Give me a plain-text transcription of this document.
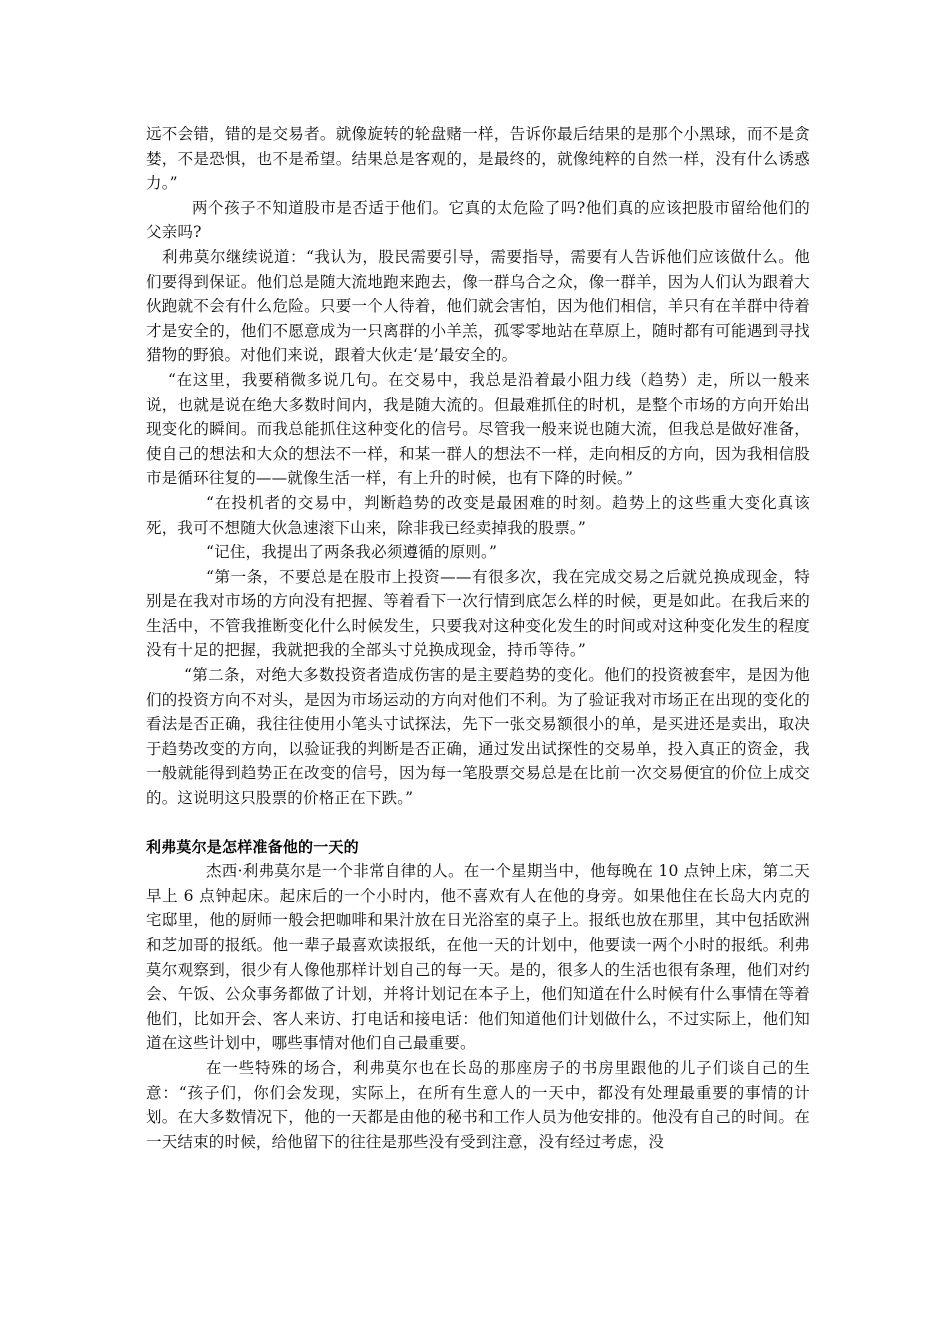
远不会错，错的是交易者。就像旋转的轮盘赌一样，告诉你最后结果的是那个小黑球，而不是贪婪，不是恐惧，也不是希望。结果总是客观的，是最终的，就像纯粹的自然一样，没有什么诱惑力。”

两个孩子不知道股市是否适于他们。它真的太危险了吗?他们真的应该把股市留给他们的父亲吗?

利弗莫尔继续说道：“我认为，股民需要引导，需要指导，需要有人告诉他们应该做什么。他们要得到保证。他们总是随大流地跑来跑去，像一群乌合之众，像一群羊，因为人们认为跟着大伙跑就不会有什么危险。只要一个人待着，他们就会害怕，因为他们相信，羊只有在羊群中待着才是安全的，他们不愿意成为一只离群的小羊羔，孤零零地站在草原上，随时都有可能遇到寻找猎物的野狼。对他们来说，跟着大伙走‘是’最安全的。

“在这里，我要稍微多说几句。在交易中，我总是沿着最小阻力线（趋势）走，所以一般来说，也就是说在绝大多数时间内，我是随大流的。但最难抓住的时机，是整个市场的方向开始出现变化的瞬间。而我总能抓住这种变化的信号。尽管我一般来说也随大流，但我总是做好准备，使自己的想法和大众的想法不一样，和某一群人的想法不一样，走向相反的方向，因为我相信股市是循环往复的——就像生活一样，有上升的时候，也有下降的时候。”

“在投机者的交易中，判断趋势的改变是最困难的时刻。趋势上的这些重大变化真该死，我可不想随大伙急速滚下山来，除非我已经卖掉我的股票。”

“记住，我提出了两条我必须遵循的原则。”

“第一条，不要总是在股市上投资——有很多次，我在完成交易之后就兑换成现金，特别是在我对市场的方向没有把握、等着看下一次行情到底怎么样的时候，更是如此。在我后来的生活中，不管我推断变化什么时候发生，只要我对这种变化发生的时间或对这种变化发生的程度没有十足的把握，我就把我的全部头寸兑换成现金，持币等待。”

“第二条，对绝大多数投资者造成伤害的是主要趋势的变化。他们的投资被套牢，是因为他们的投资方向不对头，是因为市场运动的方向对他们不利。为了验证我对市场正在出现的变化的看法是否正确，我往往使用小笔头寸试探法，先下一张交易额很小的单，是买进还是卖出，取决于趋势改变的方向，以验证我的判断是否正确，通过发出试探性的交易单，投入真正的资金，我一般就能得到趋势正在改变的信号，因为每一笔股票交易总是在比前一次交易便宜的价位上成交的。这说明这只股票的价格正在下跌。”

利弗莫尔是怎样准备他的一天的

杰西·利弗莫尔是一个非常自律的人。在一个星期当中，他每晚在 10 点钟上床，第二天早上 6 点钟起床。起床后的一个小时内，他不喜欢有人在他的身旁。如果他住在长岛大内克的宅邸里，他的厨师一般会把咖啡和果汁放在日光浴室的桌子上。报纸也放在那里，其中包括欧洲和芝加哥的报纸。他一辈子最喜欢读报纸，在他一天的计划中，他要读一两个小时的报纸。利弗莫尔观察到，很少有人像他那样计划自己的每一天。是的，很多人的生活也很有条理，他们对约会、午饭、公众事务都做了计划，并将计划记在本子上，他们知道在什么时候有什么事情在等着他们，比如开会、客人来访、打电话和接电话：他们知道他们计划做什么，不过实际上，他们知道在这些计划中，哪些事情对他们自己最重要。

在一些特殊的场合，利弗莫尔也在长岛的那座房子的书房里跟他的儿子们谈自己的生意：“孩子们，你们会发现，实际上，在所有生意人的一天中，都没有处理最重要的事情的计划。在大多数情况下，他的一天都是由他的秘书和工作人员为他安排的。他没有自己的时间。在一天结束的时候，给他留下的往往是那些没有受到注意，没有经过考虑，没
